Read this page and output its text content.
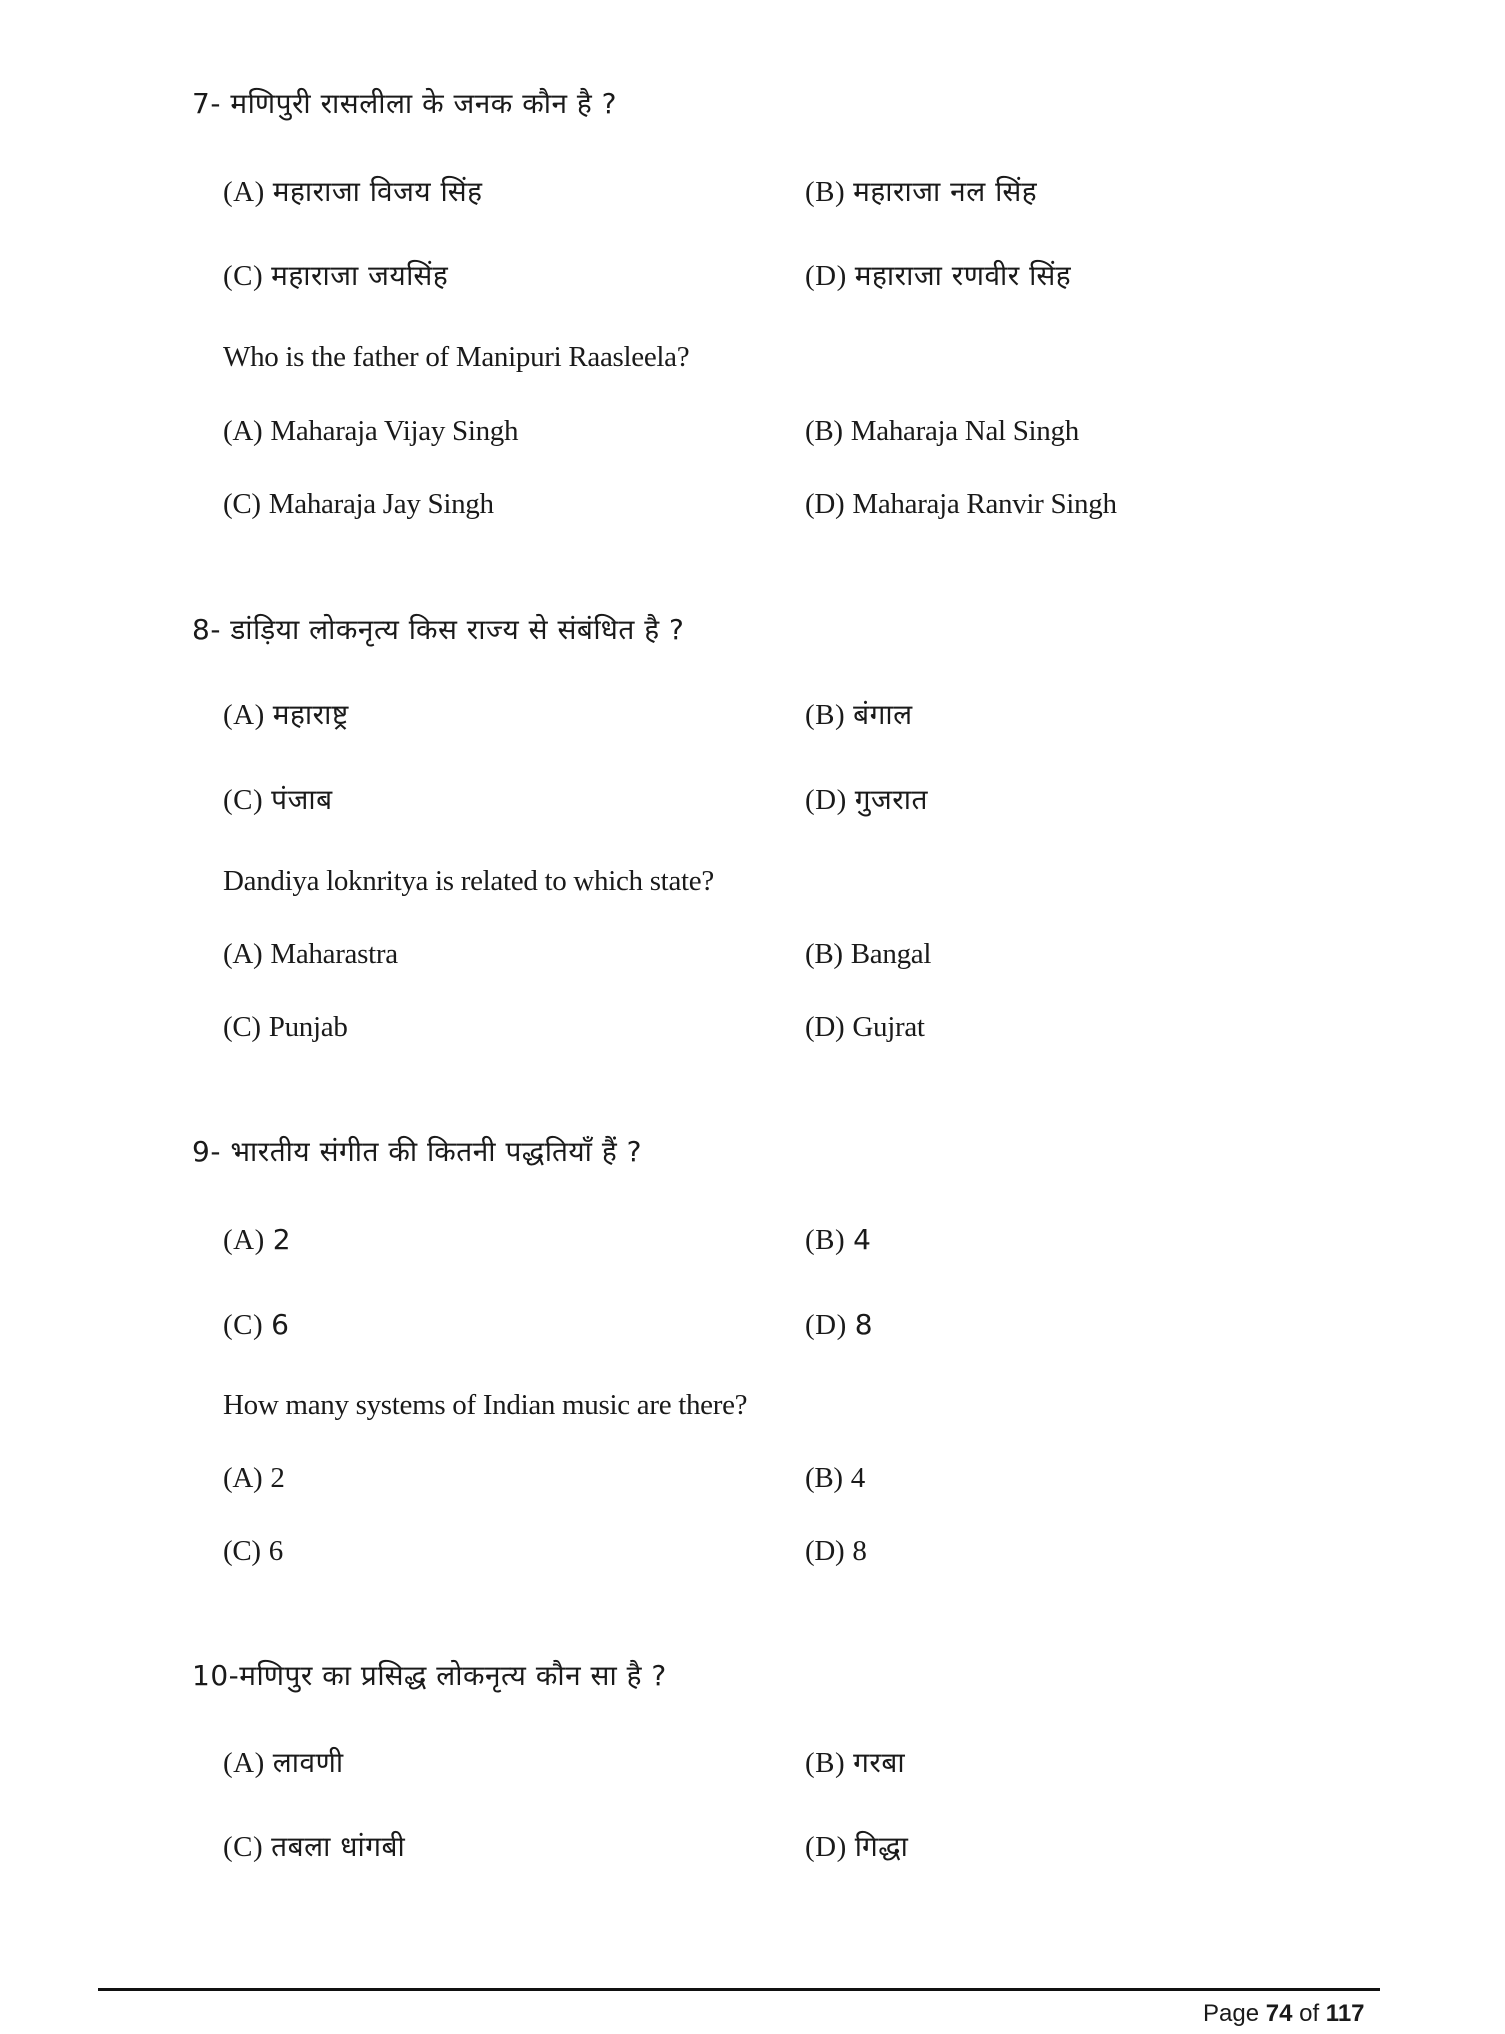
7- मणिपुरी रासलीला के जनक कौन है ?
(A) महाराजा विजय सिंह	(B) महाराजा नल सिंह
(C) महाराजा जयसिंह	(D) महाराजा रणवीर सिंह
Who is the father of Manipuri Raasleela?
(A) Maharaja Vijay Singh	(B) Maharaja Nal Singh
(C) Maharaja Jay Singh	(D) Maharaja Ranvir Singh
8- डांड़िया लोकनृत्य किस राज्य से संबंधित है ?
(A) महाराष्ट्र	(B) बंगाल
(C) पंजाब	(D) गुजरात
Dandiya loknritya is related to which state?
(A) Maharastra	(B) Bangal
(C) Punjab	(D) Gujrat
9- भारतीय संगीत की कितनी पद्धतियाँ हैं ?
(A) 2	(B) 4
(C) 6	(D) 8
How many systems of Indian music are there?
(A) 2	(B) 4
(C) 6	(D) 8
10-मणिपुर का प्रसिद्ध लोकनृत्य कौन सा है ?
(A) लावणी	(B) गरबा
(C) तबला धांगबी	(D) गिद्धा
Page 74 of 117
